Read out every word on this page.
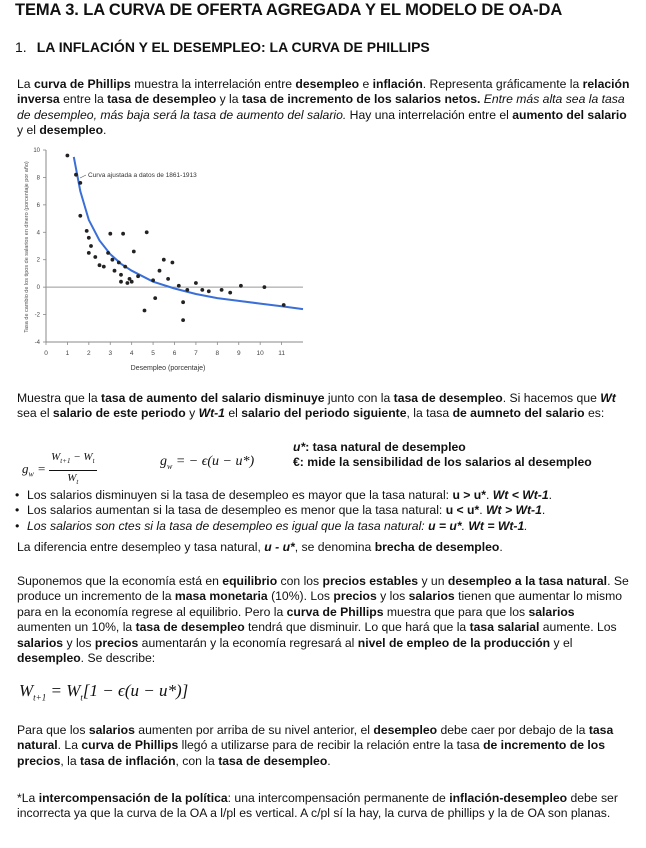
TEMA 3. LA CURVA DE OFERTA AGREGADA Y EL MODELO DE OA-DA
1. LA INFLACIÓN Y EL DESEMPLEO: LA CURVA DE PHILLIPS
La curva de Phillips muestra la interrelación entre desempleo e inflación. Representa gráficamente la relación inversa entre la tasa de desempleo y la tasa de incremento de los salarios netos. Entre más alta sea la tasa de desempleo, más baja será la tasa de aumento del salario. Hay una interrelación entre el aumento del salario y el desempleo.
-4
-2
0
2
4
6
8
10
0	1	2	3	4	5	6	7	8	9 10 11
Curva ajustada a datos de 1861-1913
Desempleo (porcentaje)
Tasa de cambio de los tipos de salarios en dinero (porcentaje por año)
Muestra que la tasa de aumento del salario disminuye junto con la tasa de desempleo. Si hacemos que Wt sea el salario de este periodo y Wt-1 el salario del periodo siguiente, la tasa de aumneto del salario es:
$g_w = \frac{W_{t+1} - W_t}{W_t}$	$g_w$ = − ϵ(u − u*)
u*: tasa natural de desempleo
€: mide la sensibilidad de los salarios al desempleo
• Los salarios disminuyen si la tasa de desempleo es mayor que la tasa natural: u > u*. Wt < Wt-1.
• Los salarios aumentan si la tasa de desempleo es menor que la tasa natural: u < u*. Wt > Wt-1.
• Los salarios son ctes si la tasa de desempleo es igual que la tasa natural: u = u*. Wt = Wt-1.
La diferencia entre desempleo y tasa natural, u - u*, se denomina brecha de desempleo.
Suponemos que la economía está en equilibrio con los precios estables y un desempleo a la tasa natural. Se produce un incremento de la masa monetaria (10%). Los precios y los salarios tienen que aumentar lo mismo para en la economía regrese al equilibrio. Pero la curva de Phillips muestra que para que los salarios aumenten un 10%, la tasa de desempleo tendrá que disminuir. Lo que hará que la tasa salarial aumente. Los salarios y los precios aumentarán y la economía regresará al nivel de empleo de la producción y el desempleo. Se describe:
$W_{t+1} = W_t[1 - \epsilon(u - u*)]$
Para que los salarios aumenten por arriba de su nivel anterior, el desempleo debe caer por debajo de la tasa natural. La curva de Phillips llegó a utilizarse para de recibir la relación entre la tasa de incremento de los precios, la tasa de inflación, con la tasa de desempleo.
*La intercompensación de la política: una intercompensación permanente de inflación-desempleo debe ser incorrecta ya que la curva de la OA a l/pl es vertical. A c/pl sí la hay, la curva de phillips y la de OA son planas.
